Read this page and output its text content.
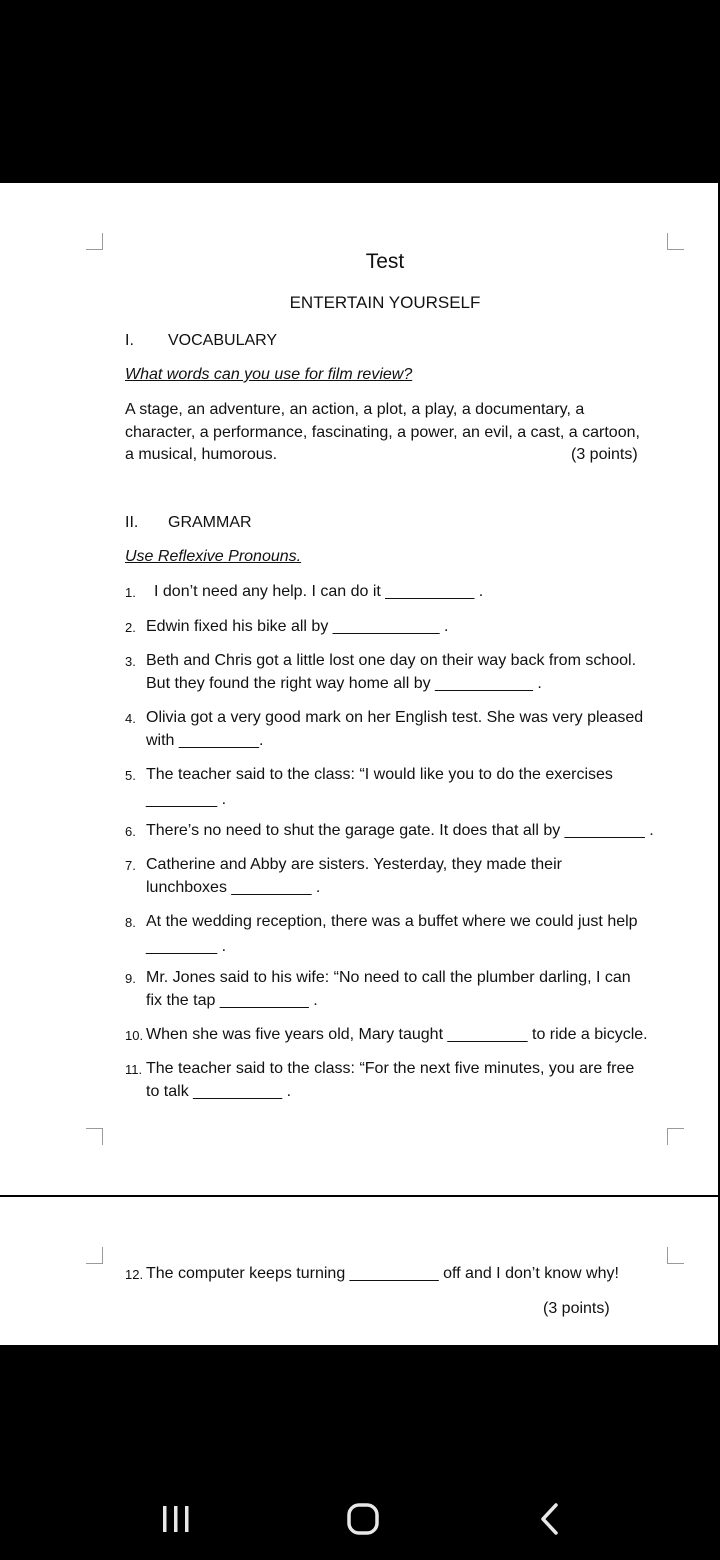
Test
ENTERTAIN YOURSELF
I. VOCABULARY
What words can you use for film review?
A stage, an adventure, an action, a plot, a play, a documentary, a
character, a performance, fascinating, a power, an evil, a cast, a cartoon,
a musical, humorous.	(3 points)
II. GRAMMAR
Use Reflexive Pronouns.
1. I don’t need any help. I can do it __________ .
2. Edwin fixed his bike all by ____________ .
3. Beth and Chris got a little lost one day on their way back from school.
But they found the right way home all by ___________ .
4. Olivia got a very good mark on her English test. She was very pleased
with _________.
5. The teacher said to the class: “I would like you to do the exercises
________ .
6. There’s no need to shut the garage gate. It does that all by _________ .
7. Catherine and Abby are sisters. Yesterday, they made their
lunchboxes _________ .
8. At the wedding reception, there was a buffet where we could just help
________ .
9. Mr. Jones said to his wife: “No need to call the plumber darling, I can
fix the tap __________ .
10. When she was five years old, Mary taught _________ to ride a bicycle.
11. The teacher said to the class: “For the next five minutes, you are free
to talk __________ .
12. The computer keeps turning __________ off and I don’t know why!
(3 points)
